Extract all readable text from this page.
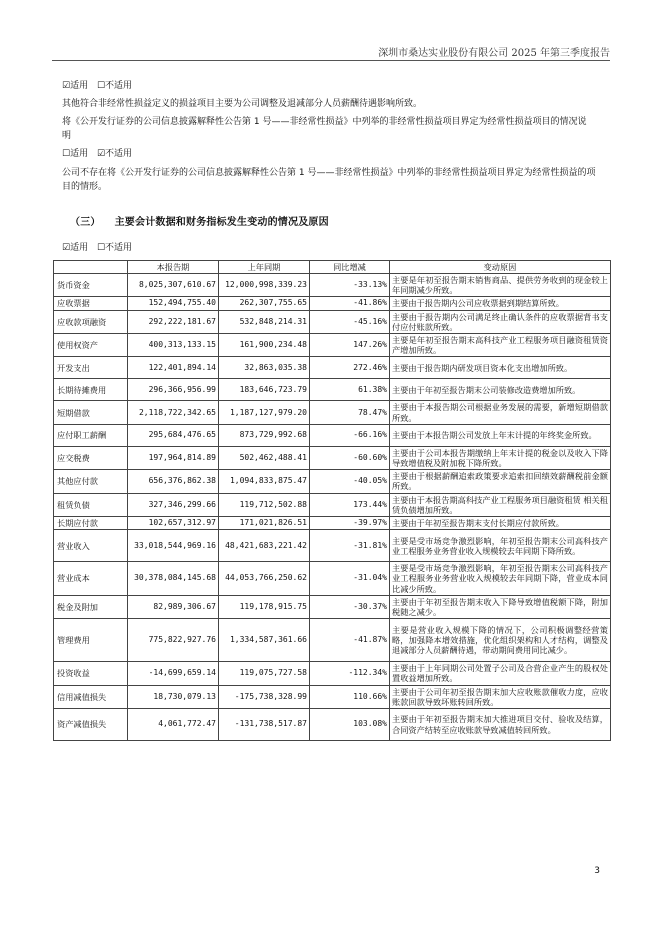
深圳市桑达实业股份有限公司 2025 年第三季度报告
☑适用 ☐不适用
其他符合非经常性损益定义的损益项目主要为公司调整及退减部分人员薪酬待遇影响所致。
将《公开发行证券的公司信息披露解释性公告第 1 号——非经常性损益》中列举的非经常性损益项目界定为经常性损益项目的情况说明
☐适用 ☑不适用
公司不存在将《公开发行证券的公司信息披露解释性公告第 1 号——非经常性损益》中列举的非经常性损益项目界定为经常性损益的项目的情形。
（三） 主要会计数据和财务指标发生变动的情况及原因
☑适用 ☐不适用
	本报告期	上年同期	同比增减	变动原因
货币资金	8,025,307,610.67	12,000,998,339.23	-33.13%	主要是年初至报告期末销售商品、提供劳务收到的现金较上年同期减少所致。
应收票据	152,494,755.40	262,307,755.65	-41.86%	主要由于报告期内公司应收票据到期结算所致。
应收款项融资	292,222,181.67	532,848,214.31	-45.16%	主要由于报告期内公司满足终止确认条件的应收票据背书支付应付账款所致。
使用权资产	400,313,133.15	161,900,234.48	147.26%	主要是年初至报告期末高科技产业工程服务项目融资租赁资产增加所致。
开发支出	122,401,894.14	32,863,035.38	272.46%	主要由于报告期内研发项目资本化支出增加所致。
长期待摊费用	296,366,956.99	183,646,723.79	61.38%	主要由于年初至报告期末公司装修改造费增加所致。
短期借款	2,118,722,342.65	1,187,127,979.20	78.47%	主要由于本报告期公司根据业务发展的需要，新增短期借款所致。
应付职工薪酬	295,684,476.65	873,729,992.68	-66.16%	主要由于本报告期公司发放上年末计提的年终奖金所致。
应交税费	197,964,814.89	502,462,488.41	-60.60%	主要由于公司本报告期缴纳上年末计提的税金以及收入下降导致增值税及附加税下降所致。
其他应付款	656,376,862.38	1,094,833,875.47	-40.05%	主要由于根据薪酬追索政策要求追索扣回绩效薪酬税前金额所致。
租赁负债	327,346,299.66	119,712,502.88	173.44%	主要由于本报告期高科技产业工程服务项目融资租赁 相关租赁负债增加所致。
长期应付款	102,657,312.97	171,021,826.51	-39.97%	主要由于年初至报告期末支付长期应付款所致。
营业收入	33,018,544,969.16	48,421,683,221.42	-31.81%	主要是受市场竞争激烈影响，年初至报告期末公司高科技产业工程服务业务营业收入规模较去年同期下降所致。
营业成本	30,378,084,145.68	44,053,766,250.62	-31.04%	主要是受市场竞争激烈影响，年初至报告期末公司高科技产业工程服务业务营业收入规模较去年同期下降，营业成本同比减少所致。
税金及附加	82,989,306.67	119,178,915.75	-30.37%	主要由于年初至报告期末收入下降导致增值税额下降，附加税随之减少。
管理费用	775,822,927.76	1,334,587,361.66	-41.87%	主要是营业收入规模下降的情况下，公司积极调整经营策略，加强降本增效措施，优化组织架构和人才结构，调整及退减部分人员薪酬待遇，带动期间费用同比减少。
投资收益	-14,699,659.14	119,075,727.58	-112.34%	主要由于上年同期公司处置子公司及合营企业产生的股权处置收益增加所致。
信用减值损失	18,730,079.13	-175,738,328.99	110.66%	主要由于公司年初至报告期末加大应收账款催收力度，应收账款回款导致坏账转回所致。
资产减值损失	4,061,772.47	-131,738,517.87	103.08%	主要由于年初至报告期末加大推进项目交付、验收及结算，合同资产结转至应收账款导致减值转回所致。
3
